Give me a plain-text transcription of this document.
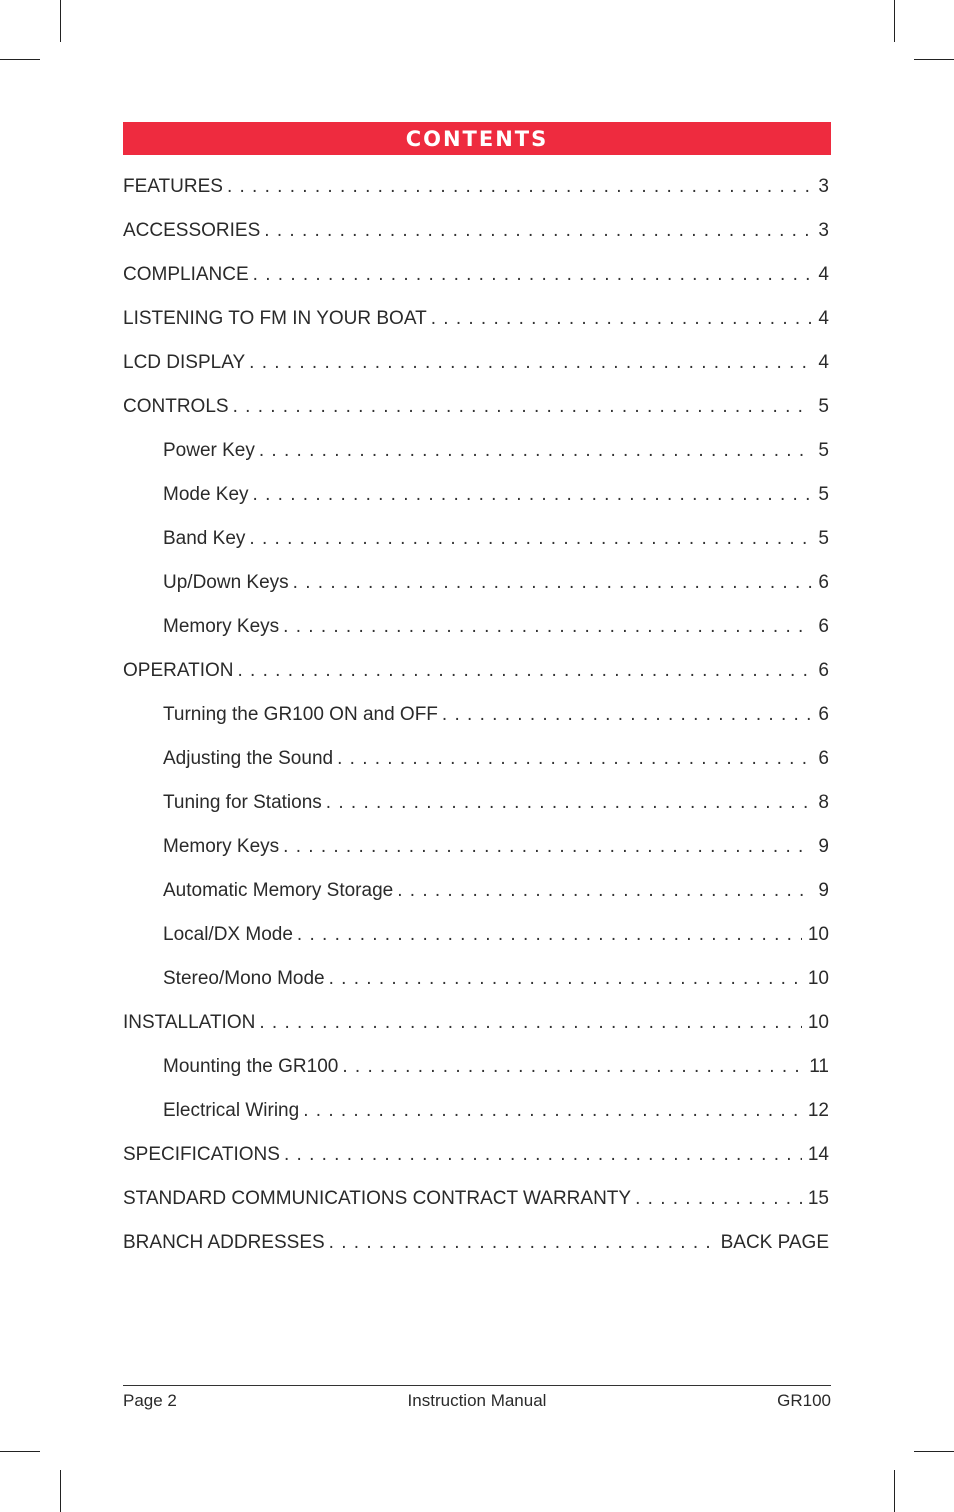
CONTENTS
FEATURES . . .	3
ACCESSORIES . . .	3
COMPLIANCE . . .	4
LISTENING TO FM IN YOUR BOAT . . .	4
LCD DISPLAY . . .	4
CONTROLS . . .	5
Power Key . . .	5
Mode Key . . .	5
Band Key . . .	5
Up/Down Keys . . .	6
Memory Keys . . .	6
OPERATION . . .	6
Turning the GR100 ON and OFF . . .	6
Adjusting the Sound . . .	6
Tuning for Stations . . .	8
Memory Keys . . .	9
Automatic Memory Storage . . .	9
Local/DX Mode . . .	10
Stereo/Mono Mode . . .	10
INSTALLATION . . .	10
Mounting the GR100 . . .	11
Electrical Wiring . . .	12
SPECIFICATIONS . . .	14
STANDARD COMMUNICATIONS CONTRACT WARRANTY . . .	15
BRANCH ADDRESSES . . .	BACK PAGE
Page 2	Instruction Manual	GR100
